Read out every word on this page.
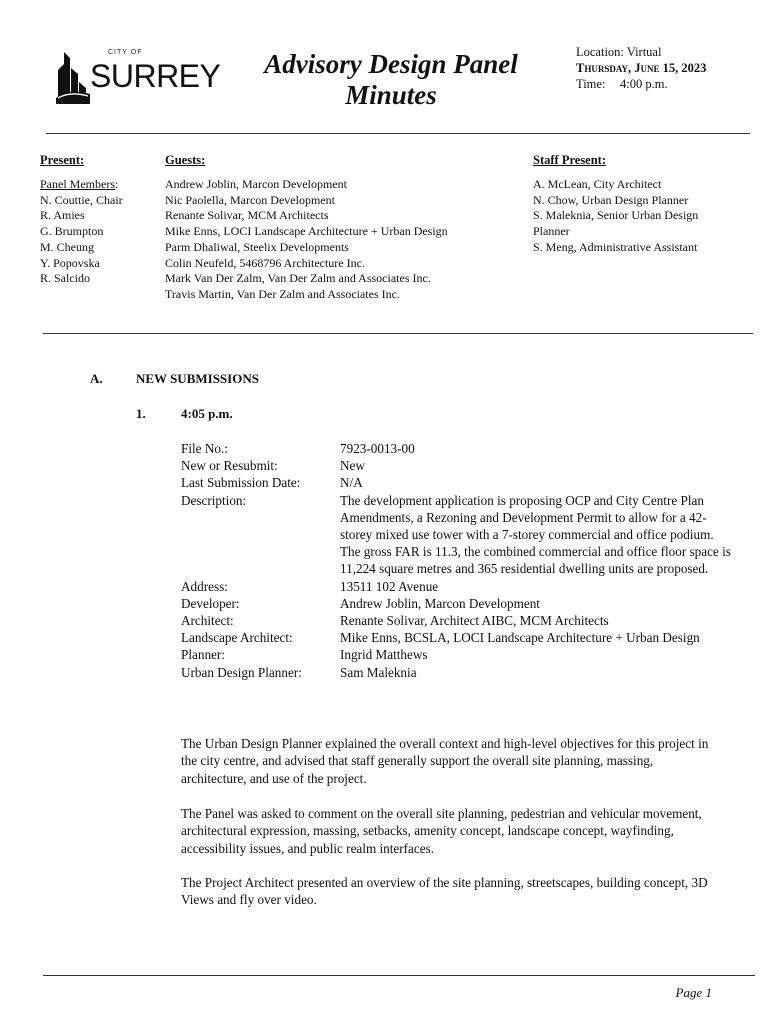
CITY OF
SURREY	Advisory Design Panel Minutes
Location: Virtual
Thursday, June 15, 2023
Time: 4:00 p.m.
Present:	Guests:	Staff Present:
Panel Members:
N. Couttie, Chair
R. Amies
G. Brumpton
M. Cheung
Y. Popovska
R. Salcido
Andrew Joblin, Marcon Development
Nic Paolella, Marcon Development
Renante Solivar, MCM Architects
Mike Enns, LOCI Landscape Architecture + Urban Design
Parm Dhaliwal, Steelix Developments
Colin Neufeld, 5468796 Architecture Inc.
Mark Van Der Zalm, Van Der Zalm and Associates Inc.
Travis Martin, Van Der Zalm and Associates Inc.
A. McLean, City Architect
N. Chow, Urban Design Planner
S. Maleknia, Senior Urban Design
Planner
S. Meng, Administrative Assistant
A.	NEW SUBMISSIONS
1.	4:05 p.m.
File No.:	7923-0013-00
New or Resubmit:	New
Last Submission Date:	N/A
Description:	The development application is proposing OCP and City Centre Plan Amendments, a Rezoning and Development Permit to allow for a 42-storey mixed use tower with a 7-storey commercial and office podium. The gross FAR is 11.3, the combined commercial and office floor space is 11,224 square metres and 365 residential dwelling units are proposed.
Address:	13511 102 Avenue
Developer:	Andrew Joblin, Marcon Development
Architect:	Renante Solivar, Architect AIBC, MCM Architects
Landscape Architect:	Mike Enns, BCSLA, LOCI Landscape Architecture + Urban Design
Planner:	Ingrid Matthews
Urban Design Planner:	Sam Maleknia
The Urban Design Planner explained the overall context and high-level objectives for this project in the city centre, and advised that staff generally support the overall site planning, massing, architecture, and use of the project.
The Panel was asked to comment on the overall site planning, pedestrian and vehicular movement, architectural expression, massing, setbacks, amenity concept, landscape concept, wayfinding, accessibility issues, and public realm interfaces.
The Project Architect presented an overview of the site planning, streetscapes, building concept, 3D Views and fly over video.
Page 1
